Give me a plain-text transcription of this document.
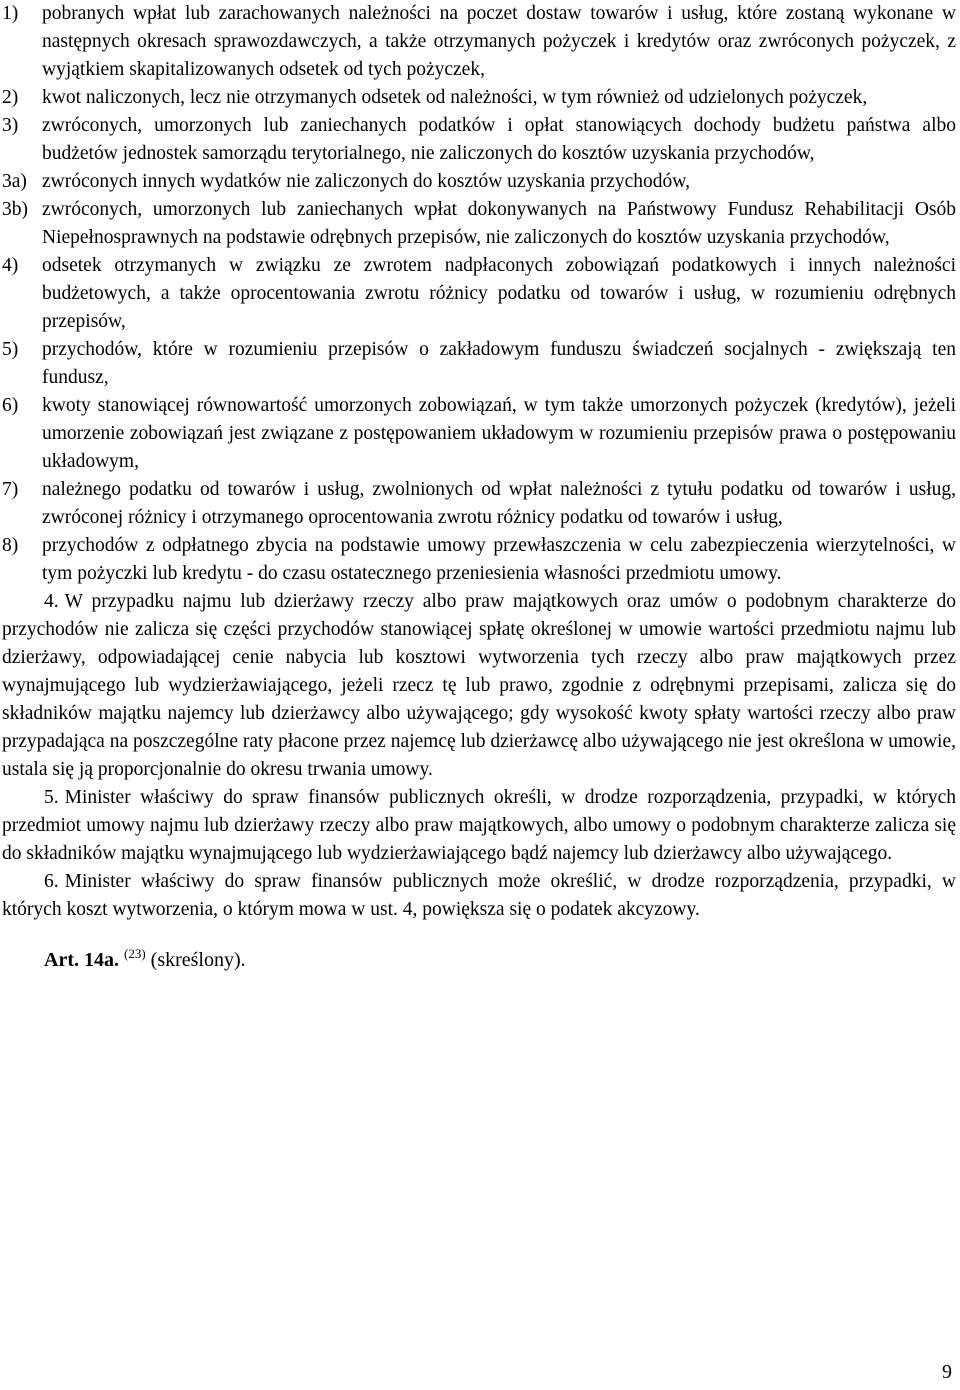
1)	pobranych wpłat lub zarachowanych należności na poczet dostaw towarów i usług, które zostaną wykonane w następnych okresach sprawozdawczych, a także otrzymanych pożyczek i kredytów oraz zwróconych pożyczek, z wyjątkiem skapitalizowanych odsetek od tych pożyczek,
2)	kwot naliczonych, lecz nie otrzymanych odsetek od należności, w tym również od udzielonych pożyczek,
3)	zwróconych, umorzonych lub zaniechanych podatków i opłat stanowiących dochody budżetu państwa albo budżetów jednostek samorządu terytorialnego, nie zaliczonych do kosztów uzyskania przychodów,
3a) zwróconych innych wydatków nie zaliczonych do kosztów uzyskania przychodów,
3b) zwróconych, umorzonych lub zaniechanych wpłat dokonywanych na Państwowy Fundusz Rehabilitacji Osób Niepełnosprawnych na podstawie odrębnych przepisów, nie zaliczonych do kosztów uzyskania przychodów,
4)	odsetek otrzymanych w związku ze zwrotem nadpłaconych zobowiązań podatkowych i innych należności budżetowych, a także oprocentowania zwrotu różnicy podatku od towarów i usług, w rozumieniu odrębnych przepisów,
5)	przychodów, które w rozumieniu przepisów o zakładowym funduszu świadczeń socjalnych - zwiększają ten fundusz,
6)	kwoty stanowiącej równowartość umorzonych zobowiązań, w tym także umorzonych pożyczek (kredytów), jeżeli umorzenie zobowiązań jest związane z postępowaniem układowym w rozumieniu przepisów prawa o postępowaniu układowym,
7)	należnego podatku od towarów i usług, zwolnionych od wpłat należności z tytułu podatku od towarów i usług, zwróconej różnicy i otrzymanego oprocentowania zwrotu różnicy podatku od towarów i usług,
8)	przychodów z odpłatnego zbycia na podstawie umowy przewłaszczenia w celu zabezpieczenia wierzytelności, w tym pożyczki lub kredytu - do czasu ostatecznego przeniesienia własności przedmiotu umowy.

4. W przypadku najmu lub dzierżawy rzeczy albo praw majątkowych oraz umów o podobnym charakterze do przychodów nie zalicza się części przychodów stanowiącej spłatę określonej w umowie wartości przedmiotu najmu lub dzierżawy, odpowiadającej cenie nabycia lub kosztowi wytworzenia tych rzeczy albo praw majątkowych przez wynajmującego lub wydzierżawiającego, jeżeli rzecz tę lub prawo, zgodnie z odrębnymi przepisami, zalicza się do składników majątku najemcy lub dzierżawcy albo używającego; gdy wysokość kwoty spłaty wartości rzeczy albo praw przypadająca na poszczególne raty płacone przez najemcę lub dzierżawcę albo używającego nie jest określona w umowie, ustala się ją proporcjonalnie do okresu trwania umowy.

5. Minister właściwy do spraw finansów publicznych określi, w drodze rozporządzenia, przypadki, w których przedmiot umowy najmu lub dzierżawy rzeczy albo praw majątkowych, albo umowy o podobnym charakterze zalicza się do składników majątku wynajmującego lub wydzierżawiającego bądź najemcy lub dzierżawcy albo używającego.

6. Minister właściwy do spraw finansów publicznych może określić, w drodze rozporządzenia, przypadki, w których koszt wytworzenia, o którym mowa w ust. 4, powiększa się o podatek akcyzowy.

Art. 14a. $^{(23)}$ (skreślony).
9
